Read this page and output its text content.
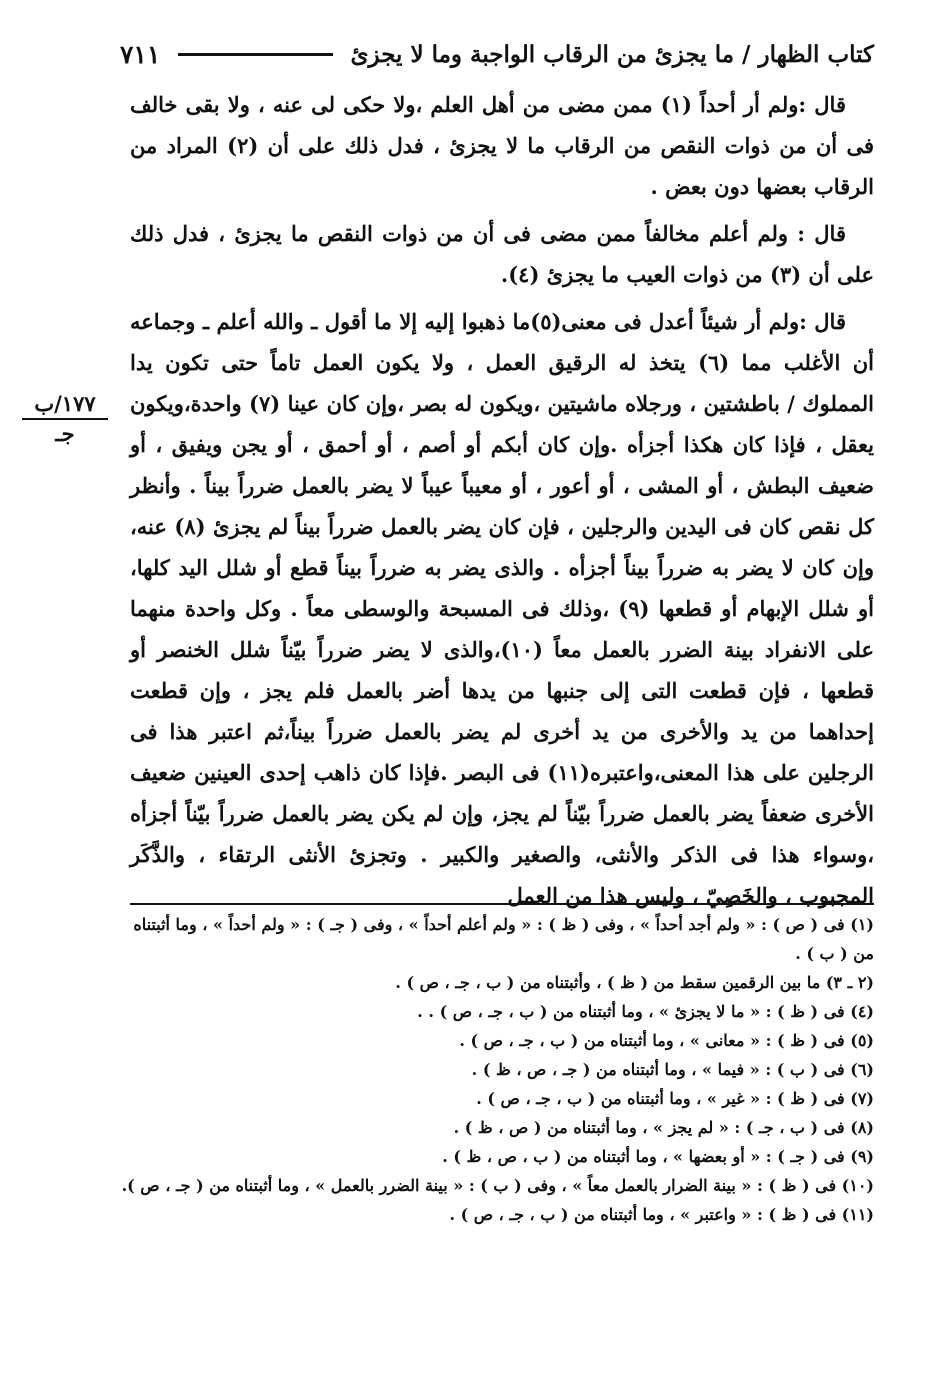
كتاب الظهار / ما يجزئ من الرقاب الواجبة وما لا يجزئ
٧١١
١٧٧/ب
جـ

قال :ولم أر أحداً (١) ممن مضى من أهل العلم ،ولا حكى لى عنه ، ولا بقى خالف فى أن من ذوات النقص من الرقاب ما لا يجزئ ، فدل ذلك على أن (٢) المراد من الرقاب بعضها دون بعض .

قال : ولم أعلم مخالفاً ممن مضى فى أن من ذوات النقص ما يجزئ ، فدل ذلك على أن (٣) من ذوات العيب ما يجزئ (٤).

قال :ولم أر شيئاً أعدل فى معنى(٥)ما ذهبوا إليه إلا ما أقول ـ والله أعلم ـ وجماعه أن الأغلب مما (٦) يتخذ له الرقيق العمل ، ولا يكون العمل تاماً حتى تكون يدا المملوك / باطشتين ، ورجلاه ماشيتين ،ويكون له بصر ،وإن كان عينا (٧) واحدة،ويكون يعقل ، فإذا كان هكذا أجزأه .وإن كان أبكم أو أصم ، أو أحمق ، أو يجن ويفيق ، أو ضعيف البطش ، أو المشى ، أو أعور ، أو معيباً عيباً لا يضر بالعمل ضرراً بيناً . وأنظر كل نقص كان فى اليدين والرجلين ، فإن كان يضر بالعمل ضرراً بيناً لم يجزئ (٨) عنه، وإن كان لا يضر به ضرراً بيناً أجزأه . والذى يضر به ضرراً بيناً قطع أو شلل اليد كلها، أو شلل الإبهام أو قطعها (٩) ،وذلك فى المسبحة والوسطى معاً . وكل واحدة منهما على الانفراد بينة الضرر بالعمل معاً (١٠)،والذى لا يضر ضرراً بيّناً شلل الخنصر أو قطعها ، فإن قطعت التى إلى جنبها من يدها أضر بالعمل فلم يجز ، وإن قطعت إحداهما من يد والأخرى من يد أخرى لم يضر بالعمل ضرراً بيناً،ثم اعتبر هذا فى الرجلين على هذا المعنى،واعتبره(١١) فى البصر .فإذا كان ذاهب إحدى العينين ضعيف الأخرى ضعفاً يضر بالعمل ضرراً بيّناً لم يجز، وإن لم يكن يضر بالعمل ضرراً بيّناً أجزأه ،وسواء هذا فى الذكر والأنثى، والصغير والكبير . وتجزئ الأنثى الرتقاء ، والذَّكَر المجبوب ، والخَصِيّ ، وليس هذا من العمل

(١) فى ( ص ) : « ولم أجد أحداً » ، وفى ( ظ ) : « ولم أعلم أحداً » ، وفى ( جـ ) : « ولم أحداً » ، وما أثبتناه من ( ب ) .

(٢ ـ ٣) ما بين الرقمين سقط من ( ظ ) ، وأثبتناه من ( ب ، جـ ، ص ) .

(٤) فى ( ظ ) : « ما لا يجزئ » ، وما أثبتناه من ( ب ، جـ ، ص ) . .

(٥) فى ( ظ ) : « معانى » ، وما أثبتناه من ( ب ، جـ ، ص ) .

(٦) فى ( ب ) : « فيما » ، وما أثبتناه من ( جـ ، ص ، ظ ) .

(٧) فى ( ظ ) : « غير » ، وما أثبتناه من ( ب ، جـ ، ص ) .

(٨) فى ( ب ، جـ ) : « لم يجز » ، وما أثبتناه من ( ص ، ظ ) .

(٩) فى ( جـ ) : « أو بعضها » ، وما أثبتناه من ( ب ، ص ، ظ ) .

(١٠) فى ( ظ ) : « بينة الضرار بالعمل معاً » ، وفى ( ب ) : « بينة الضرر بالعمل » ، وما أثبتناه من ( جـ ، ص ).

(١١) فى ( ظ ) : « واعتبر » ، وما أثبتناه من ( ب ، جـ ، ص ) .
